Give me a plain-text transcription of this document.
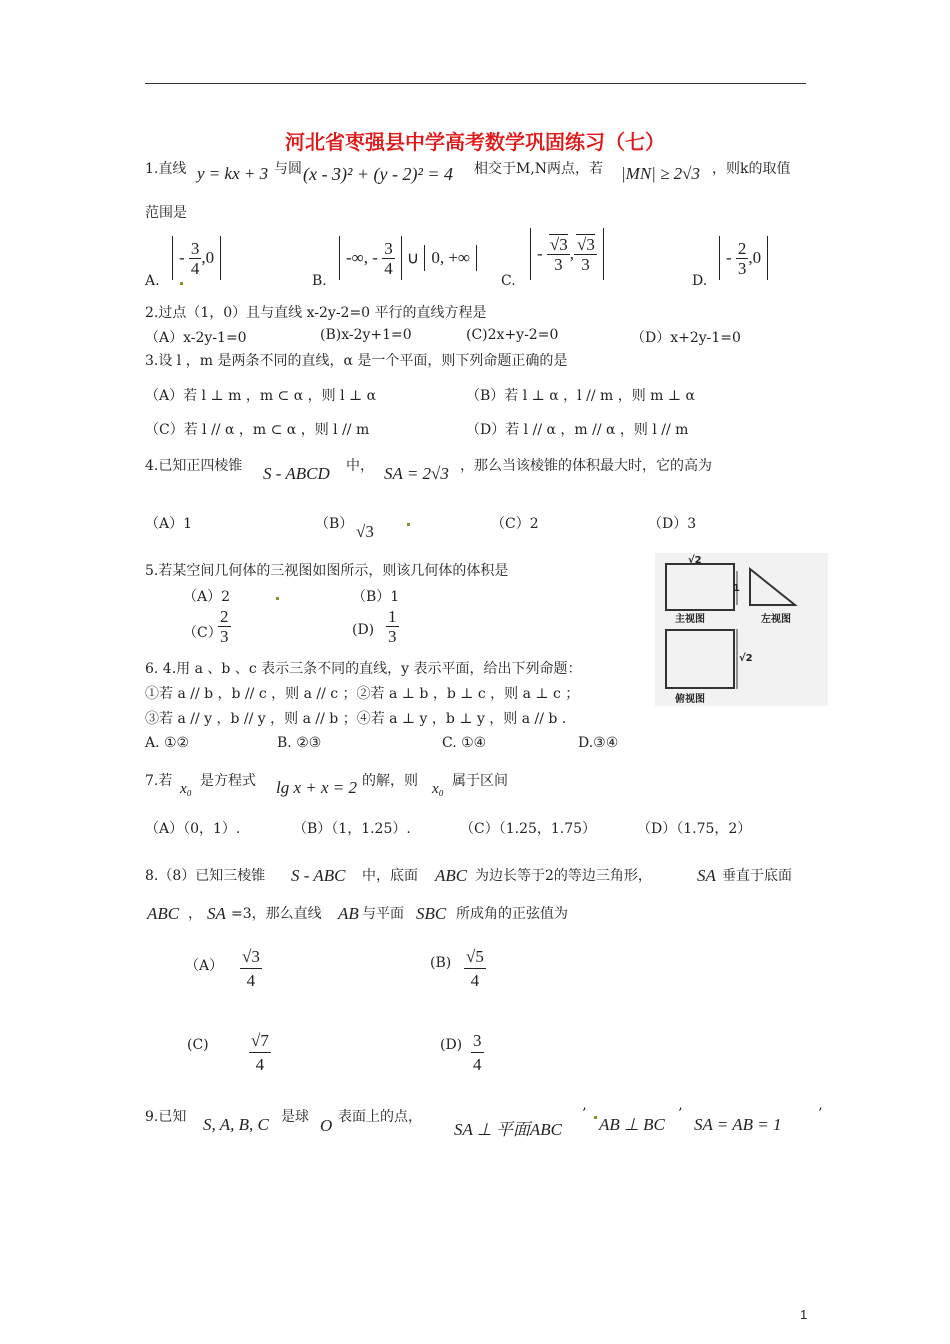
河北省枣强县中学高考数学巩固练习（七）
1.直线 y = kx + 3 与圆 (x - 3)² + (y - 2)² = 4 相交于M,N两点，若 |MN| ≥ 2√3 ，则k的取值
范围是
A.
- $\frac{3}{4} ,0$
B.
-∞, - $\frac{3}{4}$ ∪ 0, +∞
C.
- $\frac{√3}{3}$ , $\frac{√3}{3}$
D.
- $\frac{2}{3} ,0$
2.过点（1，0）且与直线 x-2y-2=0 平行的直线方程是
（A）x-2y-1=0	(B)x-2y+1=0	(C)2x+y-2=0	（D）x+2y-1=0
3.设 l ，m 是两条不同的直线，α 是一个平面，则下列命题正确的是
（A）若 l ⊥ m ，m ⊂ α ，则 l ⊥ α	（B）若 l ⊥ α ，l // m ，则 m ⊥ α
（C）若 l // α ，m ⊂ α ，则 l // m	（D）若 l // α ，m // α ，则 l // m
4.已知正四棱锥 S - ABCD 中， SA = 2√3 ，那么当该棱锥的体积最大时，它的高为
（A）1	（B） √3	（C）2	（D）3
5.若某空间几何体的三视图如图所示，则该几何体的体积是
（A）2	（B）1
（C）
$\frac{2}{3}$	$(D) \frac{1}{3}$
√2
1
主视图	左视图
√2
俯视图
6. 4.用 a 、b 、c 表示三条不同的直线，y 表示平面，给出下列命题：
①若 a // b ，b // c ，则 a // c ；②若 a ⊥ b ，b ⊥ c ，则 a ⊥ c ；
③若 a // y ，b // y ，则 a // b ；④若 a ⊥ y ，b ⊥ y ，则 a // b .
A. ①②	B. ②③	C. ①④	D.③④
7.若 x₀ 是方程式 lg x + x = 2 的解，则 x₀ 属于区间
（A）（0，1）.	（B）（1，1.25）.	（C）（1.25，1.75）	（D）（1.75，2）
8.（8）已知三棱锥 S - ABC 中，底面 ABC 为边长等于2的等边三角形，	SA 垂直于底面
ABC ， SA =3，那么直线 AB 与平面 SBC 所成角的正弦值为
$(A) \frac{√3}{4}$	$(B) \frac{√5}{4}$
$(C) \frac{√7}{4}$	$(D) \frac{3}{4}$
9.已知 S, A, B, C 是球 O 表面上的点，
SA ⊥ 平面ABC
’
AB ⊥ BC
’
SA = AB = 1
’
1
